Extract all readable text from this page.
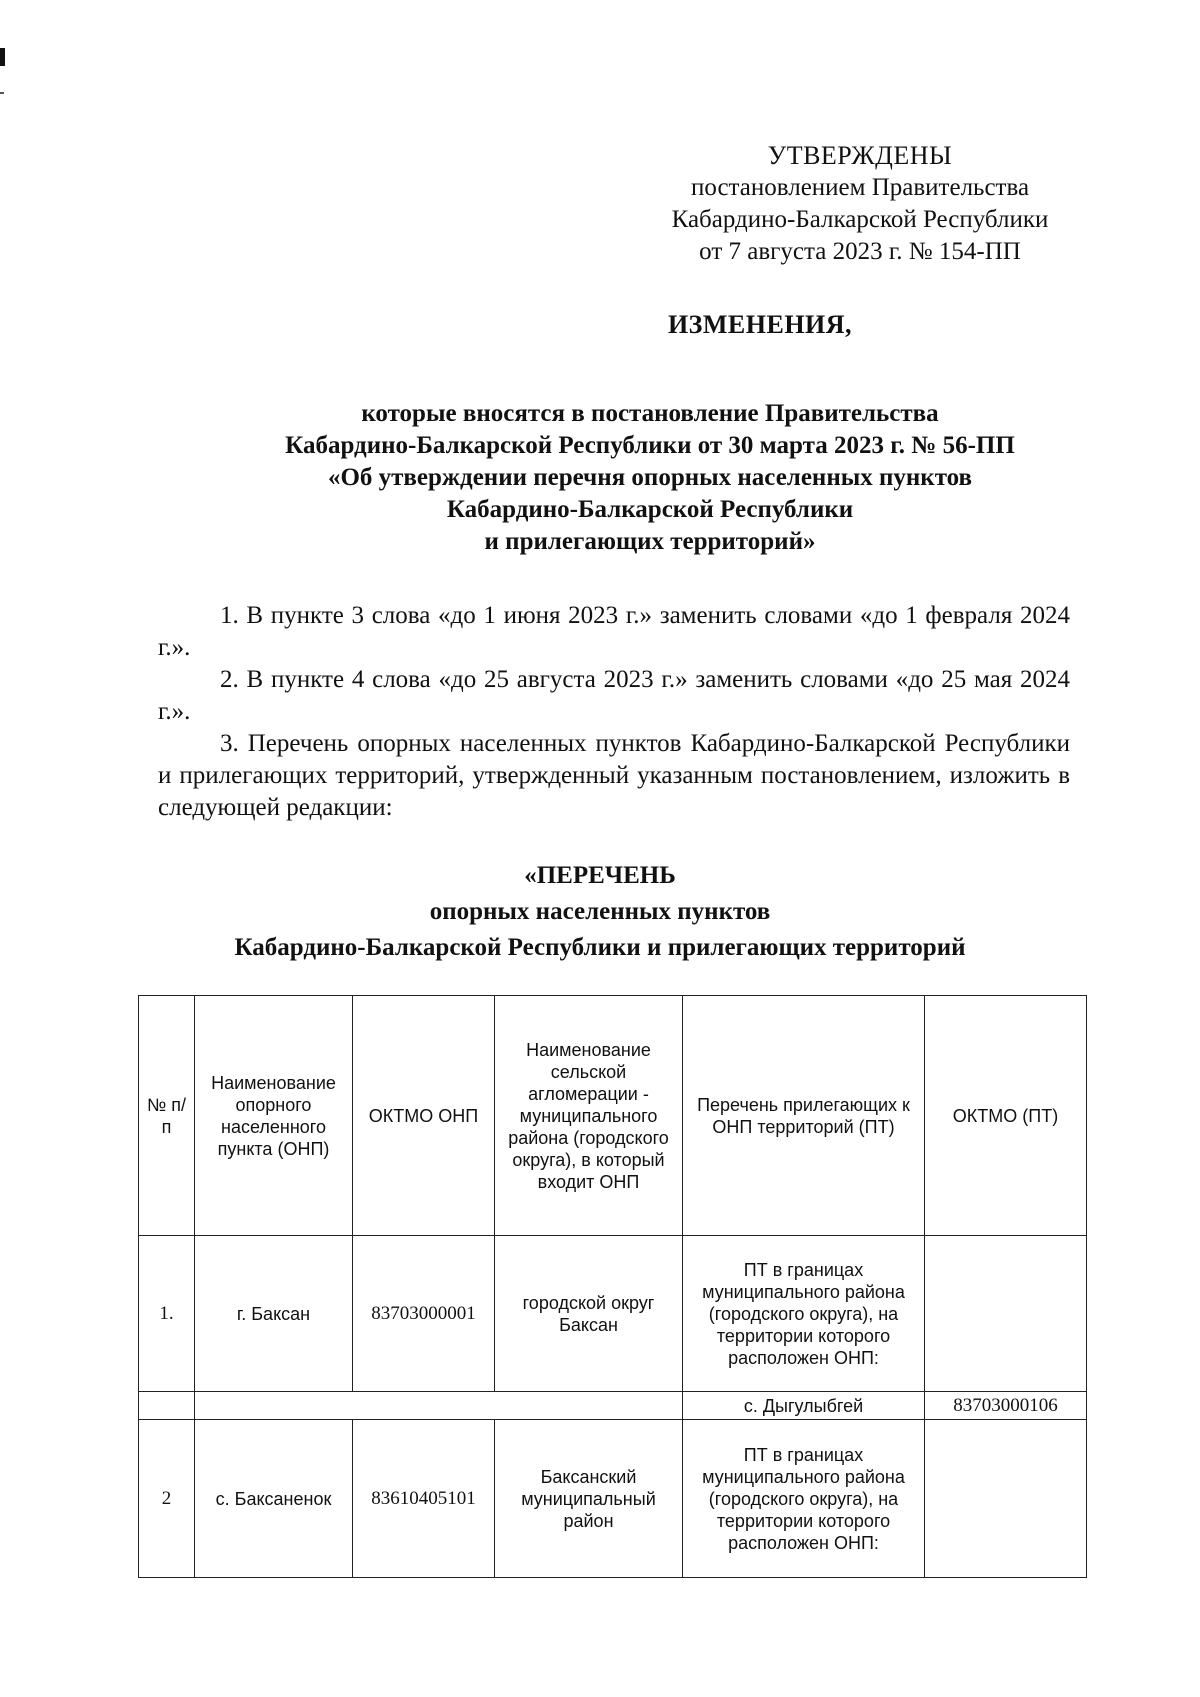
УТВЕРЖДЕНЫ
постановлением Правительства
Кабардино-Балкарской Республики
от 7 августа 2023 г. № 154-ПП
ИЗМЕНЕНИЯ,
которые вносятся в постановление Правительства
Кабардино-Балкарской Республики от 30 марта 2023 г. № 56-ПП
«Об утверждении перечня опорных населенных пунктов
Кабардино-Балкарской Республики
и прилегающих территорий»

1. В пункте 3 слова «до 1 июня 2023 г.» заменить словами «до 1 февраля 2024 г.».

2. В пункте 4 слова «до 25 августа 2023 г.» заменить словами «до 25 мая 2024 г.».

3. Перечень опорных населенных пунктов Кабардино-Балкарской Республики и прилегающих территорий, утвержденный указанным постановлением, изложить в следующей редакции:

«ПЕРЕЧЕНЬ
опорных населенных пунктов
Кабардино-Балкарской Республики и прилегающих территорий
№ п/п	Наименование опорного населенного пункта (ОНП)	ОКТМО ОНП	Наименование сельской агломерации - муниципального района (городского округа), в который входит ОНП	Перечень прилегающих к ОНП территорий (ПТ)	ОКТМО (ПТ)
1.	г. Баксан	83703000001	городской округ Баксан	ПТ в границах муниципального района (городского округа), на территории которого расположен ОНП:	
				с. Дыгулыбгей	83703000106
2	с. Баксаненок	83610405101	Баксанский муниципальный район	ПТ в границах муниципального района (городского округа), на территории которого расположен ОНП:	
